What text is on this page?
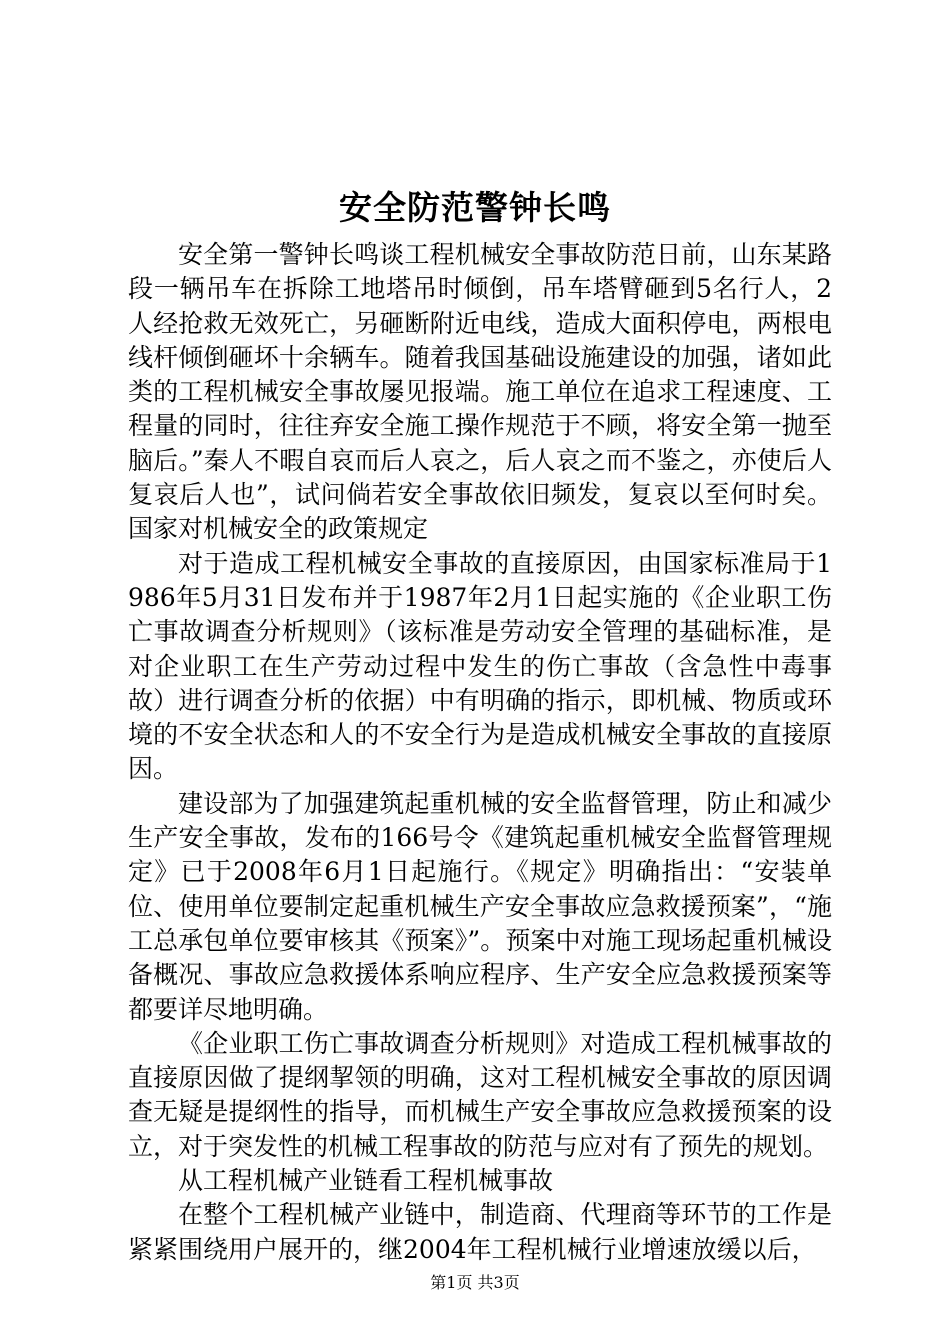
安全防范警钟长鸣

安全第一警钟长鸣谈工程机械安全事故防范日前，山东某路段一辆吊车在拆除工地塔吊时倾倒，吊车塔臂砸到5名行人，2人经抢救无效死亡，另砸断附近电线，造成大面积停电，两根电线杆倾倒砸坏十余辆车。随着我国基础设施建设的加强，诸如此类的工程机械安全事故屡见报端。施工单位在追求工程速度、工程量的同时，往往弃安全施工操作规范于不顾，将安全第一抛至脑后。”秦人不暇自哀而后人哀之，后人哀之而不鉴之，亦使后人复哀后人也”，试问倘若安全事故依旧频发，复哀以至何时矣。国家对机械安全的政策规定

对于造成工程机械安全事故的直接原因，由国家标准局于1986年5月31日发布并于1987年2月1日起实施的《企业职工伤亡事故调查分析规则》（该标准是劳动安全管理的基础标准，是对企业职工在生产劳动过程中发生的伤亡事故（含急性中毒事故）进行调查分析的依据）中有明确的指示，即机械、物质或环境的不安全状态和人的不安全行为是造成机械安全事故的直接原因。

建设部为了加强建筑起重机械的安全监督管理，防止和减少生产安全事故，发布的166号令《建筑起重机械安全监督管理规定》已于2008年6月1日起施行。《规定》明确指出：“安装单位、使用单位要制定起重机械生产安全事故应急救援预案”，“施工总承包单位要审核其《预案》”。预案中对施工现场起重机械设备概况、事故应急救援体系响应程序、生产安全应急救援预案等都要详尽地明确。

《企业职工伤亡事故调查分析规则》对造成工程机械事故的直接原因做了提纲挈领的明确，这对工程机械安全事故的原因调查无疑是提纲性的指导，而机械生产安全事故应急救援预案的设立，对于突发性的机械工程事故的防范与应对有了预先的规划。

从工程机械产业链看工程机械事故

在整个工程机械产业链中，制造商、代理商等环节的工作是紧紧围绕用户展开的，继2004年工程机械行业增速放缓以后，

第1页 共3页
